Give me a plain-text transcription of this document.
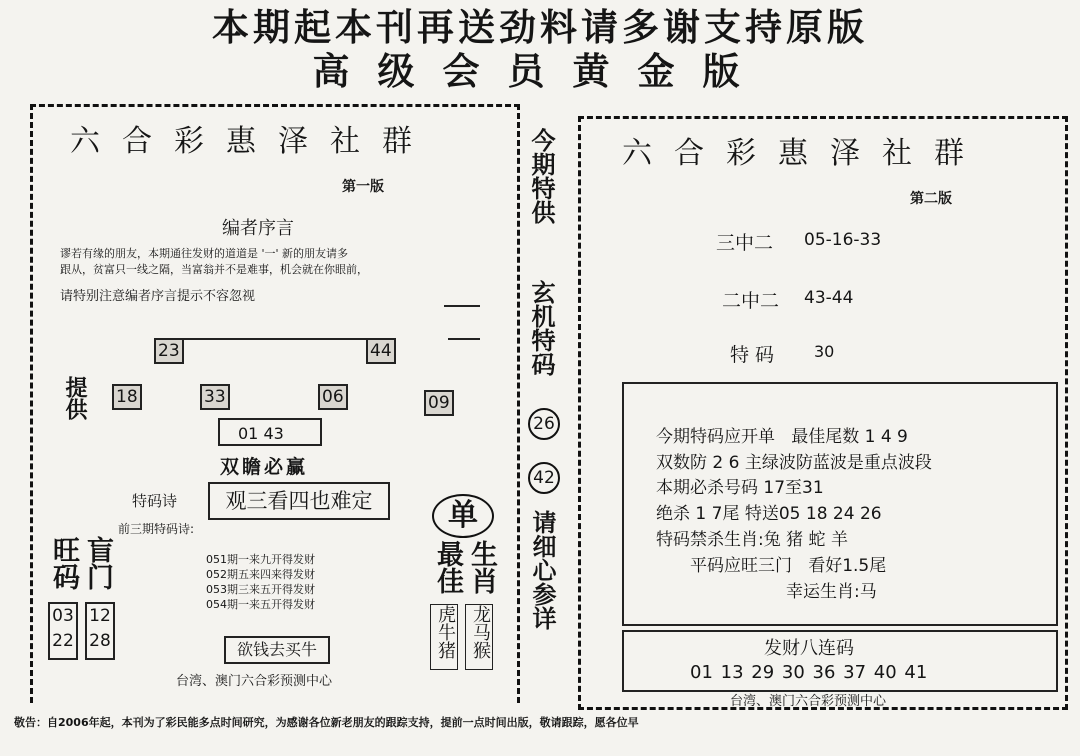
本期起本刊再送劲料请多谢支持原版
高级会员黄金版
六合彩惠泽社群
第一版
编者序言
谬若有缘的朋友，本期通往发财的道道是 '一' 新的朋友请多
跟从，贫富只一线之隔，当富翁并不是难事，机会就在你眼前，
请特别注意编者序言提示不容忽视
23	44
提供 18	33	06	09
01 43
双瞻必赢
特码诗	观三看四也难定
前三期特码诗:
051期一来九开得发财
052期五来四来得发财
053期三来五开得发财
054期一来五开得发财
旺码 盲门
03
22
12
28
单
最佳 生肖
虎牛猪 龙马猴
欲钱去买牛
台湾、澳门六合彩预测中心
今期特供
玄机特码
26
42
请细心参详
六合彩惠泽社群
第二版
三中二 05-16-33
二中二 43-44
特 码 30
今期特码应开单   最佳尾数 1 4 9
双数防 2 6 主绿波防蓝波是重点波段
本期必杀号码 17至31
绝杀 1 7尾 特送05 18 24 26
特码禁杀生肖:兔 猪 蛇 羊
平码应旺三门   看好1.5尾
幸运生肖:马
发财八连码
01 13 29 30 36 37 40 41
台湾、澳门六合彩预测中心
敬告：自2006年起，本刊为了彩民能多点时间研究，为感谢各位新老朋友的跟踪支持，提前一点时间出版，敬请跟踪，愿各位早
